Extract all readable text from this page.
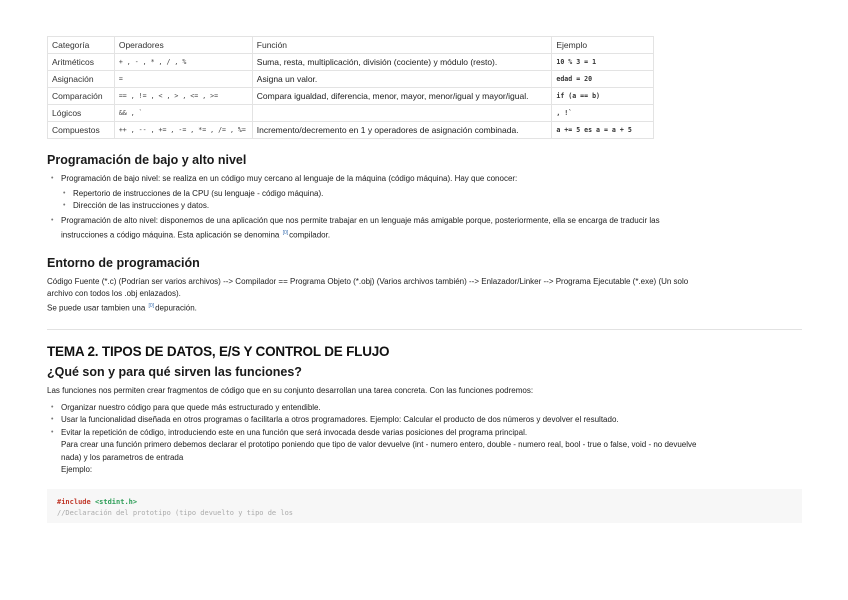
Categoría	Operadores	Función	Ejemplo
Aritméticos	+ , - , * , / , %	Suma, resta, multiplicación, división (cociente) y módulo (resto).	10 % 3 = 1
Asignación	=	Asigna un valor.	edad = 20
Comparación	== , != , < , > , <= , >=	Compara igualdad, diferencia, menor, mayor, menor/igual y mayor/igual.	if (a == b)
Lógicos	&& , `		, !`
Compuestos	++ , -- , += , -= , *= , /= , %=	Incremento/decremento en 1 y operadores de asignación combinada.	a += 5 es a = a + 5
Programación de bajo y alto nivel
• Programación de bajo nivel: se realiza en un código muy cercano al lenguaje de la máquina (código máquina). Hay que conocer:
• Repertorio de instrucciones de la CPU (su lenguaje - código máquina).
• Dirección de las instrucciones y datos.
• Programación de alto nivel: disponemos de una aplicación que nos permite trabajar en un lenguaje más amigable porque, posteriormente, ella se encarga de traducir las
instrucciones a código máquina. Esta aplicación se denomina [0]compilador.
Entorno de programación

Código Fuente (*.c) (Podrían ser varios archivos) --> Compilador == Programa Objeto (*.obj) (Varios archivos también) --> Enlazador/Linker --> Programa Ejecutable (*.exe) (Un solo
archivo con todos los .obj enlazados).

Se puede usar tambien una [0]depuración.

TEMA 2. TIPOS DE DATOS, E/S Y CONTROL DE FLUJO
¿Qué son y para qué sirven las funciones?

Las funciones nos permiten crear fragmentos de código que en su conjunto desarrollan una tarea concreta. Con las funciones podremos:

• Organizar nuestro código para que quede más estructurado y entendible.
• Usar la funcionalidad diseñada en otros programas o facilitarla a otros programadores. Ejemplo: Calcular el producto de dos números y devolver el resultado.
• Evitar la repetición de código, introduciendo este en una función que será invocada desde varias posiciones del programa principal.
Para crear una función primero debemos declarar el prototipo poniendo que tipo de valor devuelve (int - numero entero, double - numero real, bool - true o false, void - no devuelve
nada) y los parametros de entrada
Ejemplo:
#include <stdint.h>
//Declaración del prototipo (tipo devuelto y tipo de los
